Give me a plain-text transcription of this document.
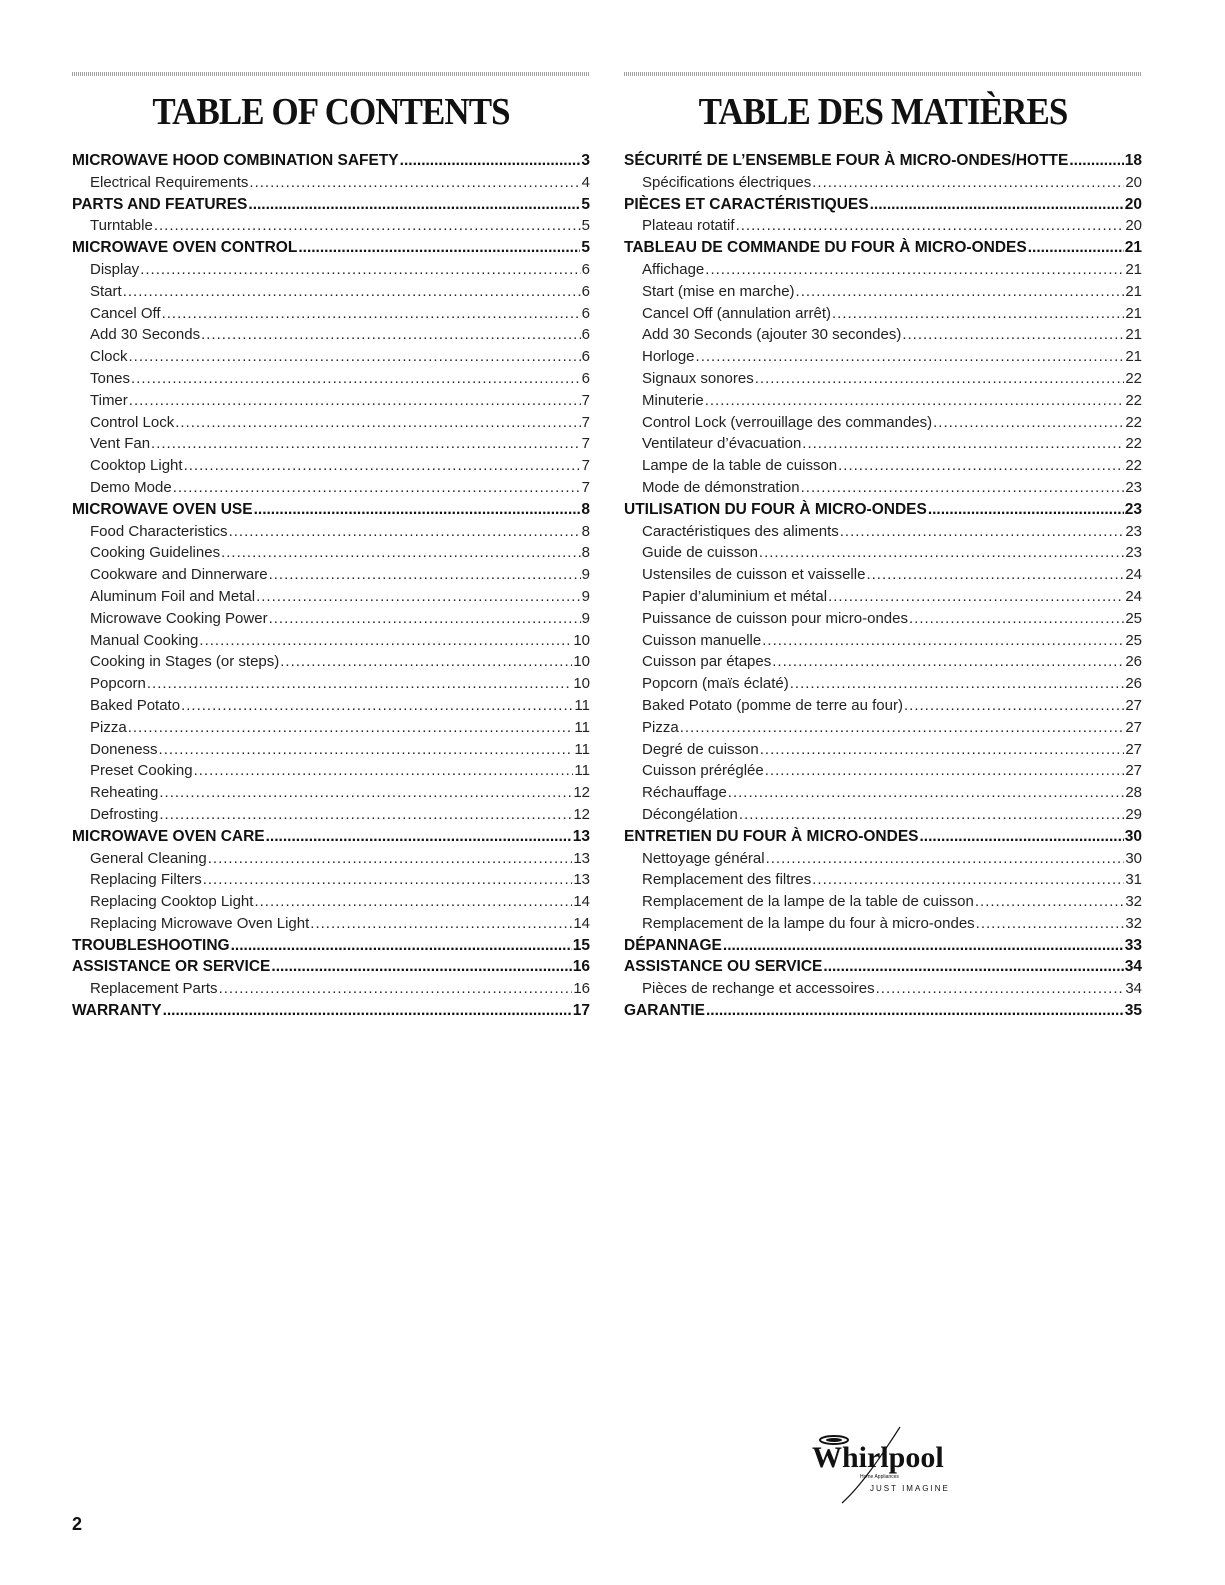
TABLE OF CONTENTS
MICROWAVE HOOD COMBINATION SAFETY .....	3
Electrical Requirements .....	4
PARTS AND FEATURES .....	5
Turntable .....	5
MICROWAVE OVEN CONTROL .....	5
Display .....	6
Start .....	6
Cancel Off .....	6
Add 30 Seconds .....	6
Clock .....	6
Tones .....	6
Timer .....	7
Control Lock .....	7
Vent Fan .....	7
Cooktop Light .....	7
Demo Mode .....	7
MICROWAVE OVEN USE .....	8
Food Characteristics .....	8
Cooking Guidelines .....	8
Cookware and Dinnerware .....	9
Aluminum Foil and Metal .....	9
Microwave Cooking Power .....	9
Manual Cooking .....	10
Cooking in Stages (or steps) .....	10
Popcorn .....	10
Baked Potato .....	11
Pizza .....	11
Doneness .....	11
Preset Cooking .....	11
Reheating .....	12
Defrosting .....	12
MICROWAVE OVEN CARE .....	13
General Cleaning .....	13
Replacing Filters .....	13
Replacing Cooktop Light .....	14
Replacing Microwave Oven Light .....	14
TROUBLESHOOTING .....	15
ASSISTANCE OR SERVICE .....	16
Replacement Parts .....	16
WARRANTY .....	17
TABLE DES MATIÈRES
SÉCURITÉ DE L’ENSEMBLE FOUR À MICRO-ONDES/HOTTE .....	18
Spécifications électriques .....	20
PIÈCES ET CARACTÉRISTIQUES .....	20
Plateau rotatif .....	20
TABLEAU DE COMMANDE DU FOUR À MICRO-ONDES .....	21
Affichage .....	21
Start (mise en marche) .....	21
Cancel Off (annulation arrêt) .....	21
Add 30 Seconds (ajouter 30 secondes) .....	21
Horloge .....	21
Signaux sonores .....	22
Minuterie .....	22
Control Lock (verrouillage des commandes) .....	22
Ventilateur d’évacuation .....	22
Lampe de la table de cuisson .....	22
Mode de démonstration .....	23
UTILISATION DU FOUR À MICRO-ONDES .....	23
Caractéristiques des aliments .....	23
Guide de cuisson .....	23
Ustensiles de cuisson et vaisselle .....	24
Papier d’aluminium et métal .....	24
Puissance de cuisson pour micro-ondes .....	25
Cuisson manuelle .....	25
Cuisson par étapes .....	26
Popcorn (maïs éclaté) .....	26
Baked Potato (pomme de terre au four) .....	27
Pizza .....	27
Degré de cuisson .....	27
Cuisson préréglée .....	27
Réchauffage .....	28
Décongélation .....	29
ENTRETIEN DU FOUR À MICRO-ONDES .....	30
Nettoyage général .....	30
Remplacement des filtres .....	31
Remplacement de la lampe de la table de cuisson .....	32
Remplacement de la lampe du four à micro-ondes .....	32
DÉPANNAGE .....	33
ASSISTANCE OU SERVICE .....	34
Pièces de rechange et accessoires .....	34
GARANTIE .....	35
2
Whirlpool
Home Appliances
JUST IMAGINE
